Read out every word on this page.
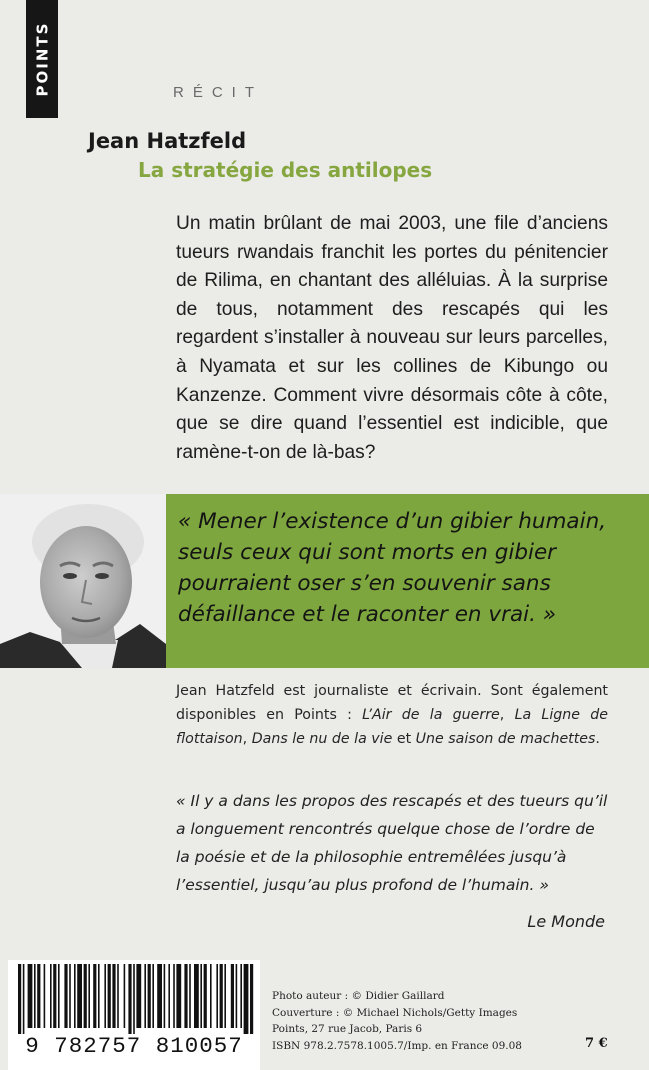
POINTS	RÉCIT
Jean Hatzfeld
La stratégie des antilopes
Un matin brûlant de mai 2003, une file d’anciens tueurs rwandais franchit les portes du pénitencier de Rilima, en chantant des alléluias. À la surprise de tous, notamment des rescapés qui les regardent s’installer à nouveau sur leurs parcelles, à Nyamata et sur les collines de Kibungo ou Kanzenze. Comment vivre désormais côte à côte, que se dire quand l’essentiel est indicible, que ramène-t-on de là-bas?

« Mener l’existence d’un gibier humain, seuls ceux qui sont morts en gibier pourraient oser s’en souvenir sans défaillance et le raconter en vrai. »

Jean Hatzfeld est journaliste et écrivain. Sont également disponibles en Points : L’Air de la guerre, La Ligne de flottaison, Dans le nu de la vie et Une saison de machettes.
« Il y a dans les propos des rescapés et des tueurs qu’il a longuement rencontrés quelque chose de l’ordre de la poésie et de la philosophie entremêlées jusqu’à l’essentiel, jusqu’au plus profond de l’humain. »
Le Monde
9 782757 810057
Photo auteur : © Didier Gaillard
Couverture : © Michael Nichols/Getty Images
Points, 27 rue Jacob, Paris 6
ISBN 978.2.7578.1005.7/Imp. en France 09.08	7 €
